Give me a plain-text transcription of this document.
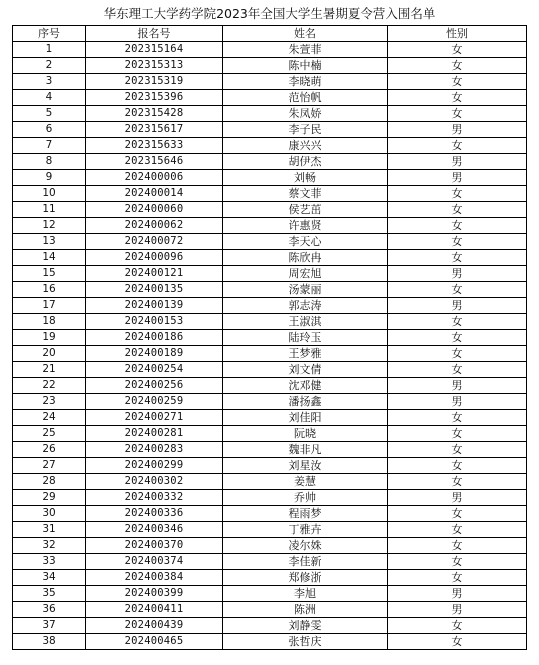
华东理工大学药学院2023年全国大学生暑期夏令营入围名单
序号	报名号	姓名	性别
1	202315164	朱萱菲	女
2	202315313	陈中楠	女
3	202315319	李晓萌	女
4	202315396	范怡帆	女
5	202315428	朱凤娇	女
6	202315617	李子民	男
7	202315633	康兴兴	女
8	202315646	胡伊杰	男
9	202400006	刘畅	男
10	202400014	蔡文菲	女
11	202400060	侯艺茁	女
12	202400062	许惠贤	女
13	202400072	李天心	女
14	202400096	陈欣冉	女
15	202400121	周宏旭	男
16	202400135	汤蒙丽	女
17	202400139	郭志涛	男
18	202400153	王淑淇	女
19	202400186	陆玲玉	女
20	202400189	王梦雅	女
21	202400254	刘文倩	女
22	202400256	沈邓健	男
23	202400259	潘扬鑫	男
24	202400271	刘佳阳	女
25	202400281	阮晓	女
26	202400283	魏非凡	女
27	202400299	刘星汝	女
28	202400302	姜慧	女
29	202400332	乔帅	男
30	202400336	程雨梦	女
31	202400346	丁雅卉	女
32	202400370	凌尔姝	女
33	202400374	李佳新	女
34	202400384	郑修浙	女
35	202400399	李旭	男
36	202400411	陈洲	男
37	202400439	刘静雯	女
38	202400465	张哲庆	女
